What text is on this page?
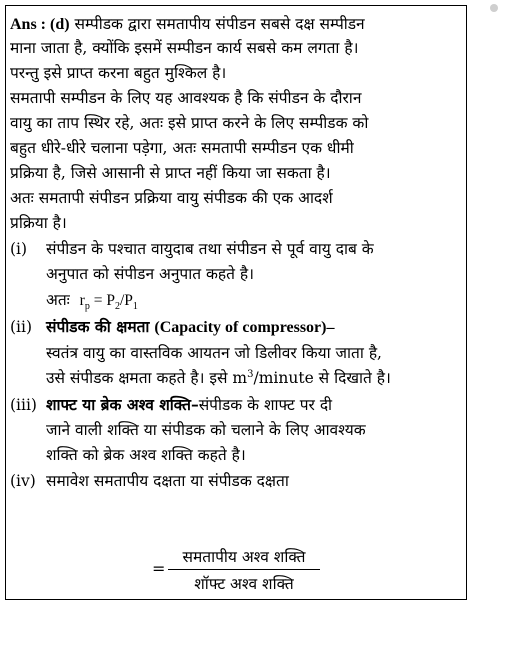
Ans : (d) सम्पीडक द्वारा समतापीय संपीडन सबसे दक्ष सम्पीडन
माना जाता है, क्योंकि इसमें सम्पीडन कार्य सबसे कम लगता है।
परन्तु इसे प्राप्त करना बहुत मुश्किल है।
समतापी सम्पीडन के लिए यह आवश्यक है कि संपीडन के दौरान
वायु का ताप स्थिर रहे, अतः इसे प्राप्त करने के लिए सम्पीडक को
बहुत धीरे-धीरे चलाना पड़ेगा, अतः समतापी सम्पीडन एक धीमी
प्रक्रिया है, जिसे आसानी से प्राप्त नहीं किया जा सकता है।
अतः समतापी संपीडन प्रक्रिया वायु संपीडक की एक आदर्श
प्रक्रिया है।
(i) संपीडन के पश्चात वायुदाब तथा संपीडन से पूर्व वायु दाब के
अनुपात को संपीडन अनुपात कहते है।
अतः $r_p = P_2/P_1$
(ii) संपीडक की क्षमता (Capacity of compressor)–
स्वतंत्र वायु का वास्तविक आयतन जो डिलीवर किया जाता है,
उसे संपीडक क्षमता कहते है। इसे $m^3$/minute से दिखाते है।
(iii) शाफ्ट या ब्रेक अश्व शक्ति–संपीडक के शाफ्ट पर दी
जाने वाली शक्ति या संपीडक को चलाने के लिए आवश्यक
शक्ति को ब्रेक अश्व शक्ति कहते है।
(iv) समावेश समतापीय दक्षता या संपीडक दक्षता
=
समतापीय अश्व शक्ति
शॉफ्ट अश्व शक्ति
